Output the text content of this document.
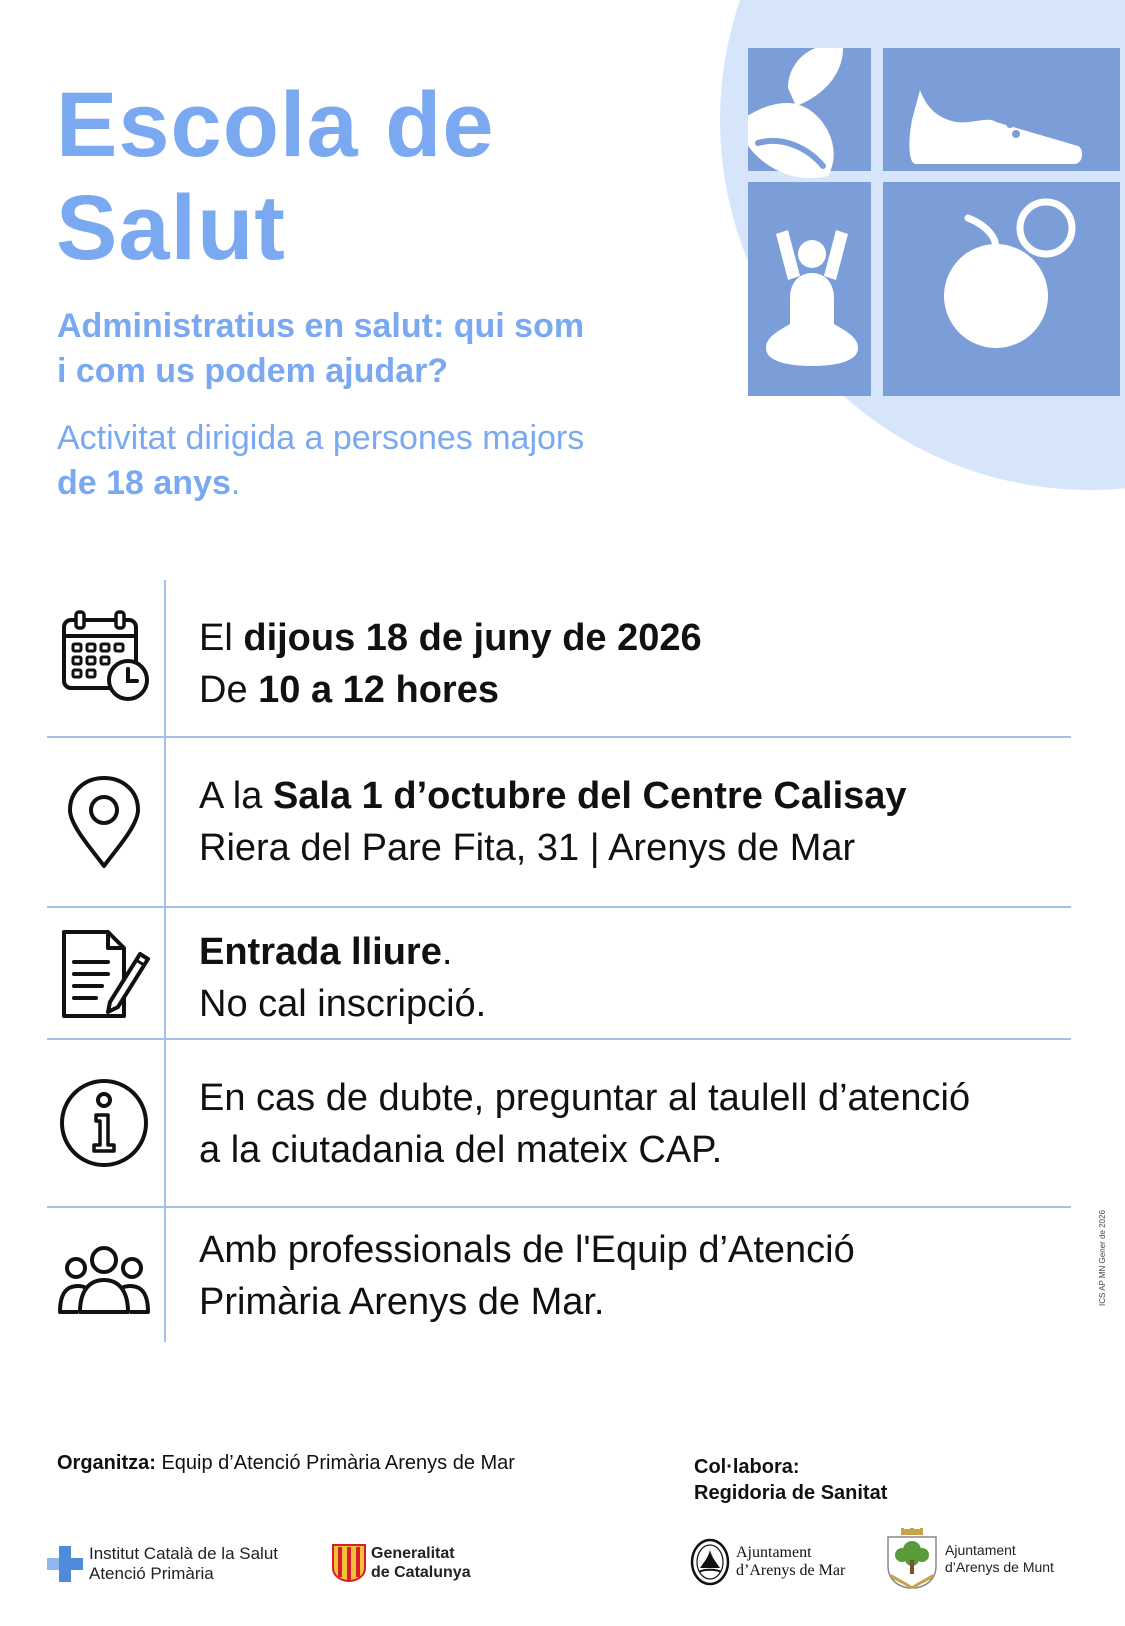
Escola de
Salut
Administratius en salut: qui som
i com us podem ajudar?
Activitat dirigida a persones majors
de 18 anys.
El dijous 18 de juny de 2026
De 10 a 12 hores
A la Sala 1 d’octubre del Centre Calisay
Riera del Pare Fita, 31 | Arenys de Mar
Entrada lliure.
No cal inscripció.
En cas de dubte, preguntar al taulell d’atenció
a la ciutadania del mateix CAP.
Amb professionals de l'Equip d’Atenció
Primària Arenys de Mar.	ICS AP MN Gener de 2026
Organitza: Equip d’Atenció Primària Arenys de Mar	Col·labora:
Regidoria de Sanitat
Institut Català de la Salut
Atenció Primària
Generalitat
de Catalunya
Ajuntament
d’Arenys de Mar
Ajuntament
d’Arenys de Munt
